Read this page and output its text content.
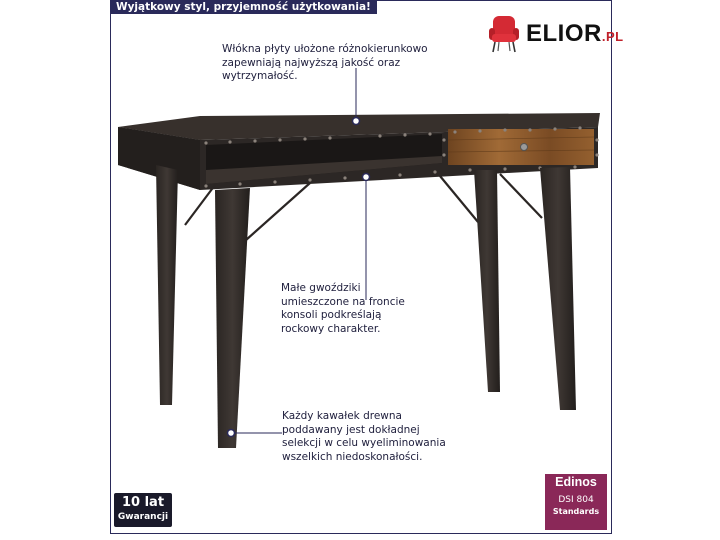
Wyjątkowy styl, przyjemność użytkowania!
ELIOR.PL
Włókna płyty ułożone różnokierunkowo
zapewniają najwyższą jakość oraz
wytrzymałość.
Małe gwoździki
umieszczone na froncie
konsoli podkreślają
rockowy charakter.
Każdy kawałek drewna
poddawany jest dokładnej
selekcji w celu wyeliminowania
wszelkich niedoskonałości.
10 lat
Gwarancji
Edinos
DSI 804
Standards
